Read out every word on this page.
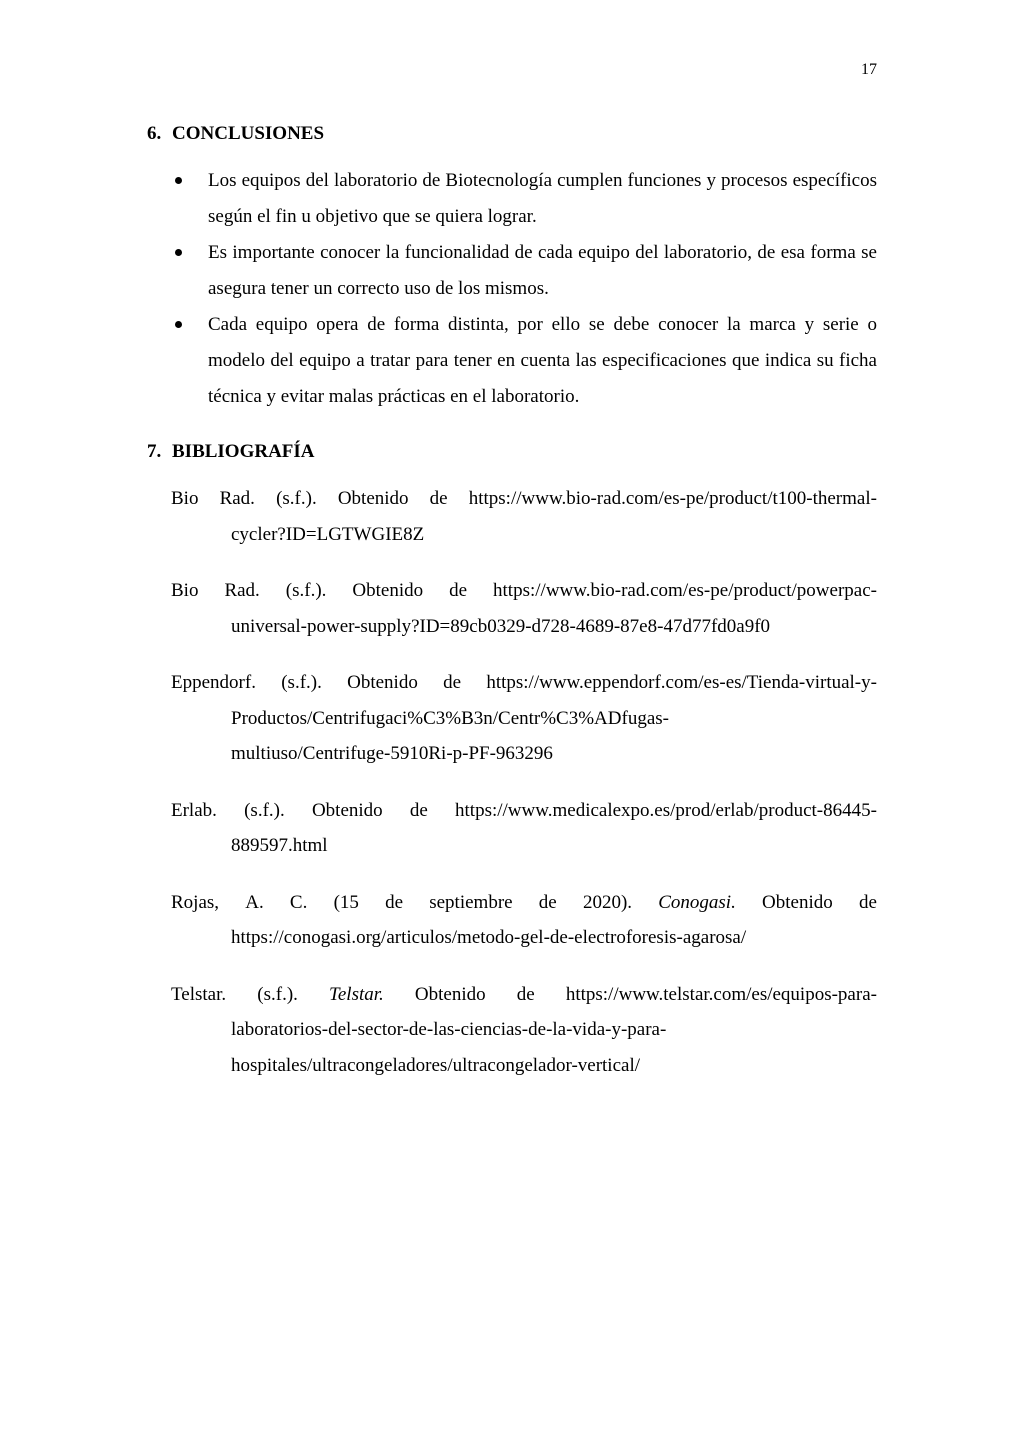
17
6. CONCLUSIONES
Los equipos del laboratorio de Biotecnología cumplen funciones y procesos específicos según el fin u objetivo que se quiera lograr.
Es importante conocer la funcionalidad de cada equipo del laboratorio, de esa forma se asegura tener un correcto uso de los mismos.
Cada equipo opera de forma distinta, por ello se debe conocer la marca y serie o modelo del equipo a tratar para tener en cuenta las especificaciones que indica su ficha técnica y evitar malas prácticas en el laboratorio.
7. BIBLIOGRAFÍA
Bio Rad. (s.f.). Obtenido de https://www.bio-rad.com/es-pe/product/t100-thermal-
cycler?ID=LGTWGIE8Z
Bio Rad. (s.f.). Obtenido de https://www.bio-rad.com/es-pe/product/powerpac-
universal-power-supply?ID=89cb0329-d728-4689-87e8-47d77fd0a9f0
Eppendorf. (s.f.). Obtenido de https://www.eppendorf.com/es-es/Tienda-virtual-y-
Productos/Centrifugaci%C3%B3n/Centr%C3%ADfugas-
multiuso/Centrifuge-5910Ri-p-PF-963296
Erlab. (s.f.). Obtenido de https://www.medicalexpo.es/prod/erlab/product-86445-
889597.html
Rojas, A. C. (15 de septiembre de 2020). Conogasi. Obtenido de
https://conogasi.org/articulos/metodo-gel-de-electroforesis-agarosa/
Telstar. (s.f.). Telstar. Obtenido de https://www.telstar.com/es/equipos-para-
laboratorios-del-sector-de-las-ciencias-de-la-vida-y-para-
hospitales/ultracongeladores/ultracongelador-vertical/
